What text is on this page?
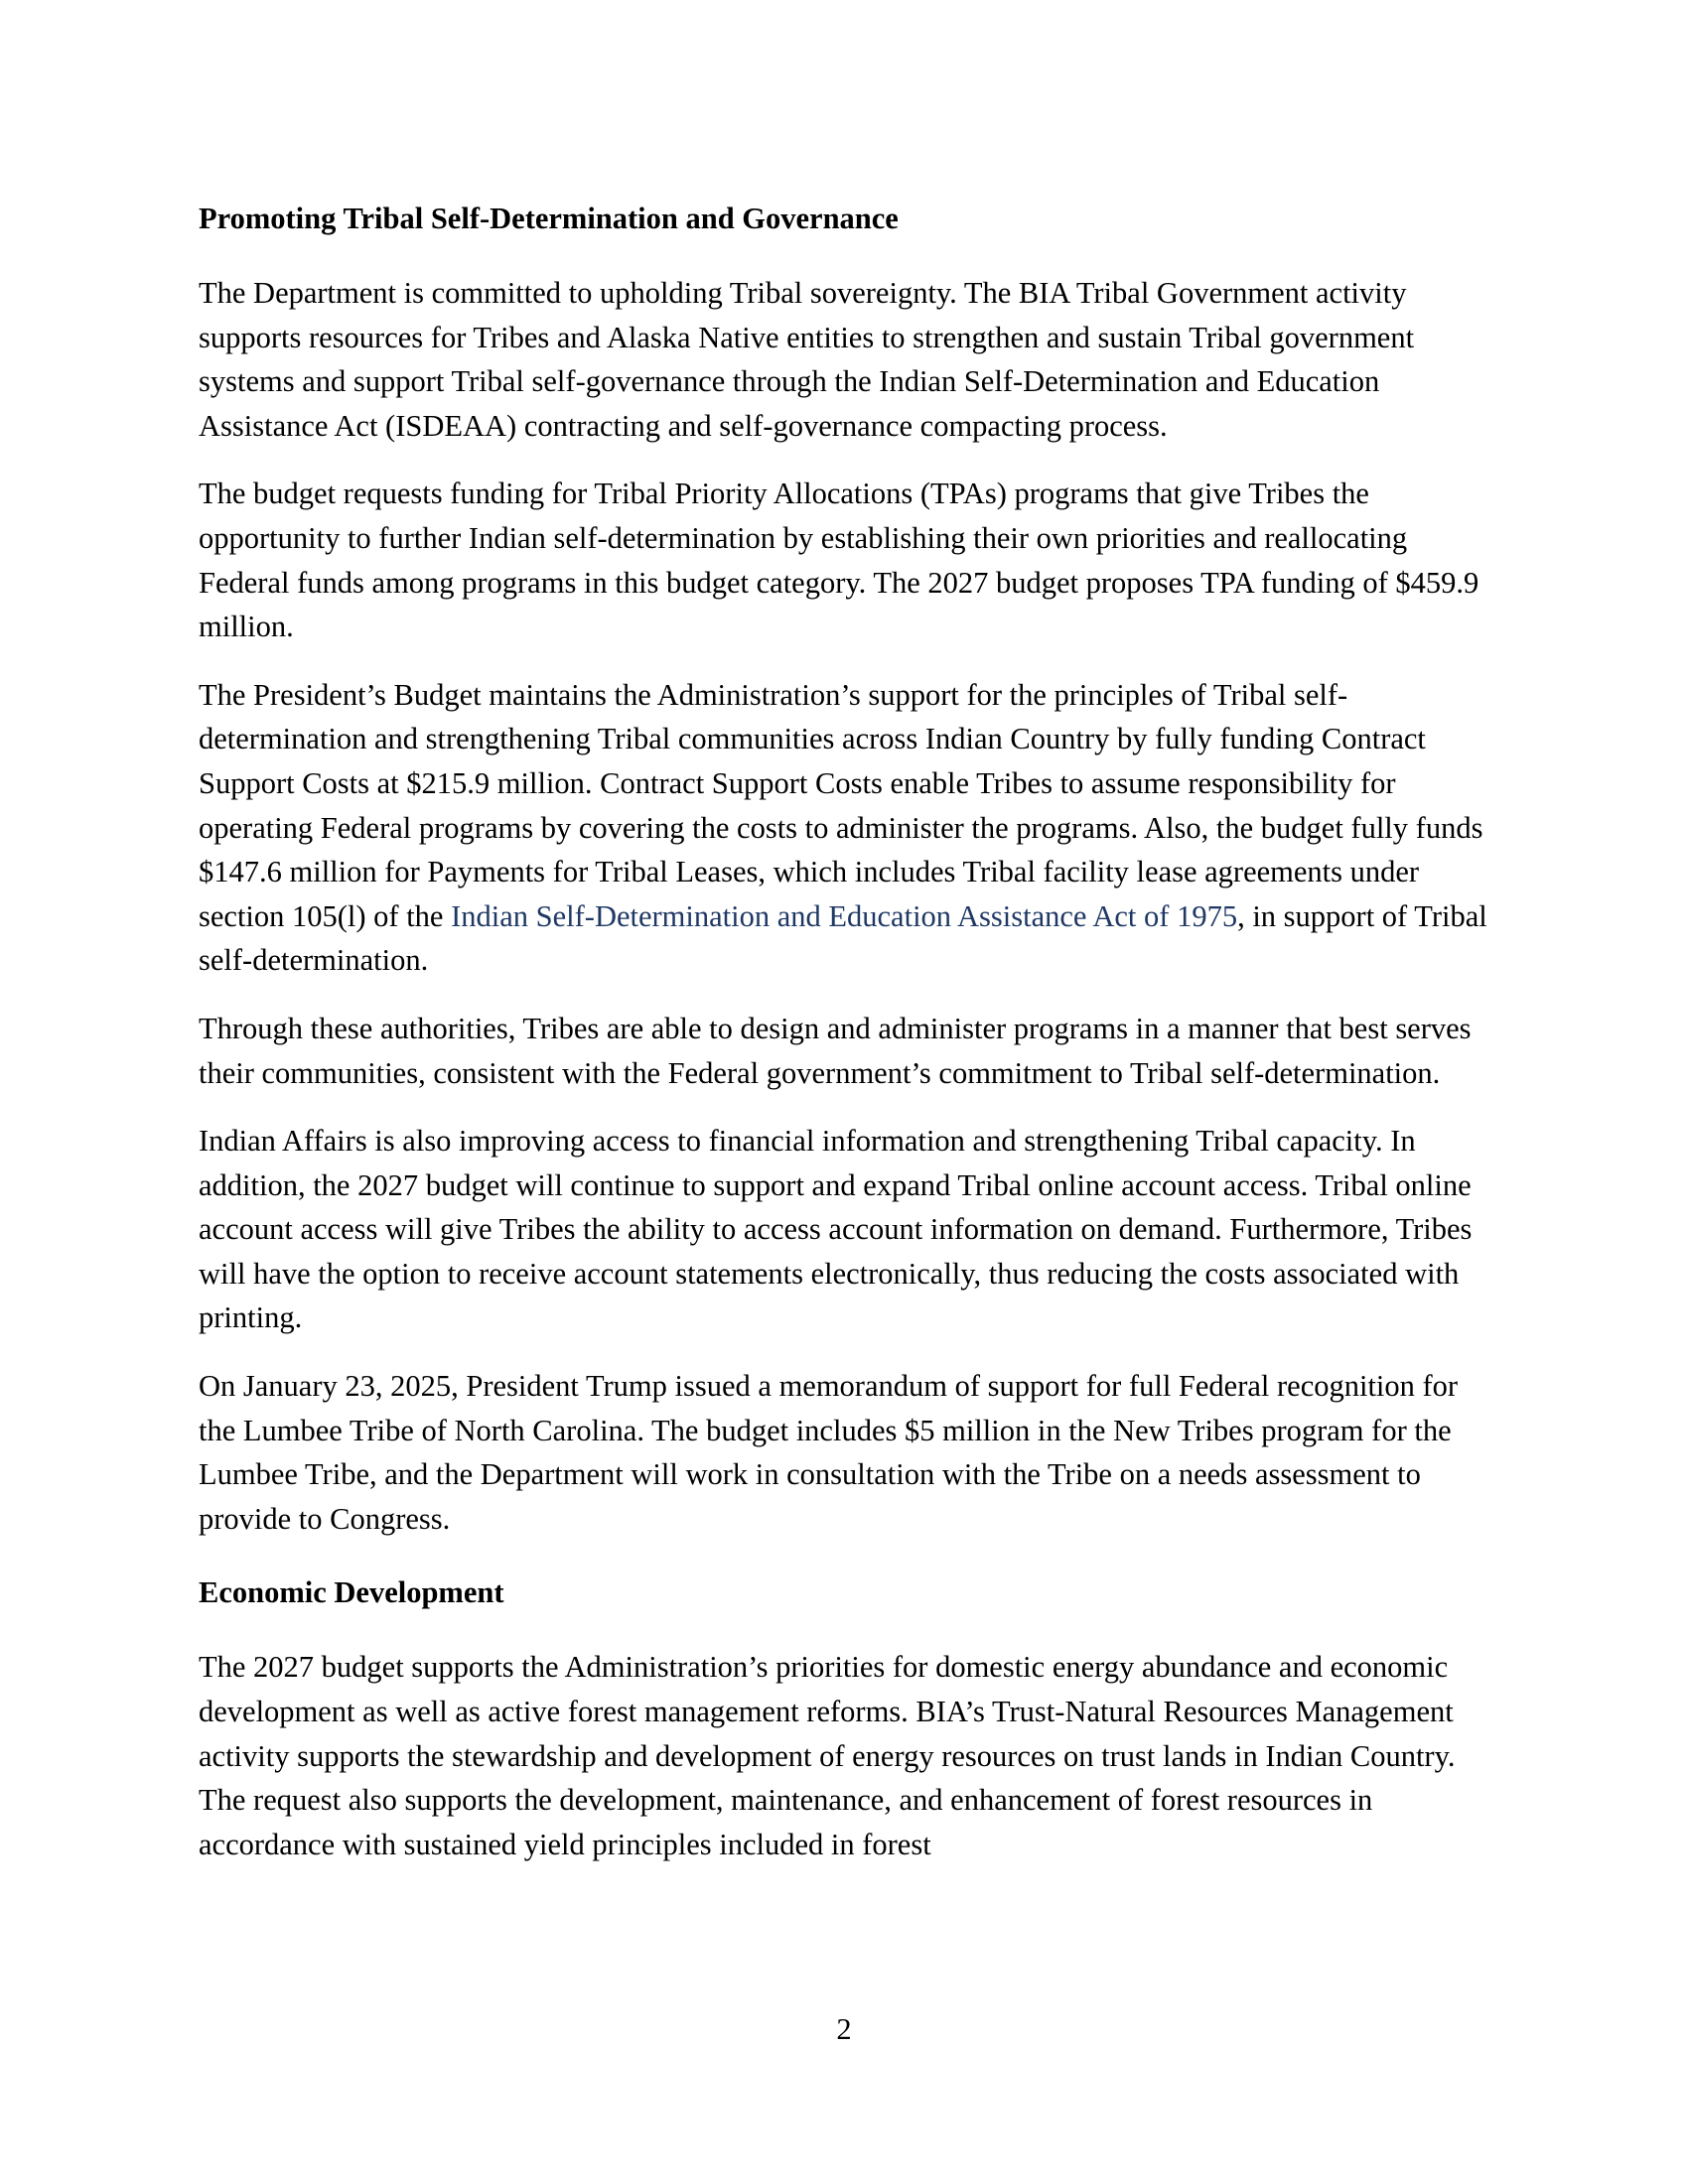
Promoting Tribal Self-Determination and Governance

The Department is committed to upholding Tribal sovereignty. The BIA Tribal Government activity supports resources for Tribes and Alaska Native entities to strengthen and sustain Tribal government systems and support Tribal self-governance through the Indian Self-Determination and Education Assistance Act (ISDEAA) contracting and self-governance compacting process.

The budget requests funding for Tribal Priority Allocations (TPAs) programs that give Tribes the opportunity to further Indian self-determination by establishing their own priorities and reallocating Federal funds among programs in this budget category. The 2027 budget proposes TPA funding of $459.9 million.

The President’s Budget maintains the Administration’s support for the principles of Tribal self-determination and strengthening Tribal communities across Indian Country by fully funding Contract Support Costs at $215.9 million. Contract Support Costs enable Tribes to assume responsibility for operating Federal programs by covering the costs to administer the programs. Also, the budget fully funds $147.6 million for Payments for Tribal Leases, which includes Tribal facility lease agreements under section 105(l) of the Indian Self-Determination and Education Assistance Act of 1975, in support of Tribal self-determination.

Through these authorities, Tribes are able to design and administer programs in a manner that best serves their communities, consistent with the Federal government’s commitment to Tribal self-determination.

Indian Affairs is also improving access to financial information and strengthening Tribal capacity. In addition, the 2027 budget will continue to support and expand Tribal online account access. Tribal online account access will give Tribes the ability to access account information on demand. Furthermore, Tribes will have the option to receive account statements electronically, thus reducing the costs associated with printing.

On January 23, 2025, President Trump issued a memorandum of support for full Federal recognition for the Lumbee Tribe of North Carolina. The budget includes $5 million in the New Tribes program for the Lumbee Tribe, and the Department will work in consultation with the Tribe on a needs assessment to provide to Congress.

Economic Development

The 2027 budget supports the Administration’s priorities for domestic energy abundance and economic development as well as active forest management reforms. BIA’s Trust-Natural Resources Management activity supports the stewardship and development of energy resources on trust lands in Indian Country. The request also supports the development, maintenance, and enhancement of forest resources in accordance with sustained yield principles included in forest

2
